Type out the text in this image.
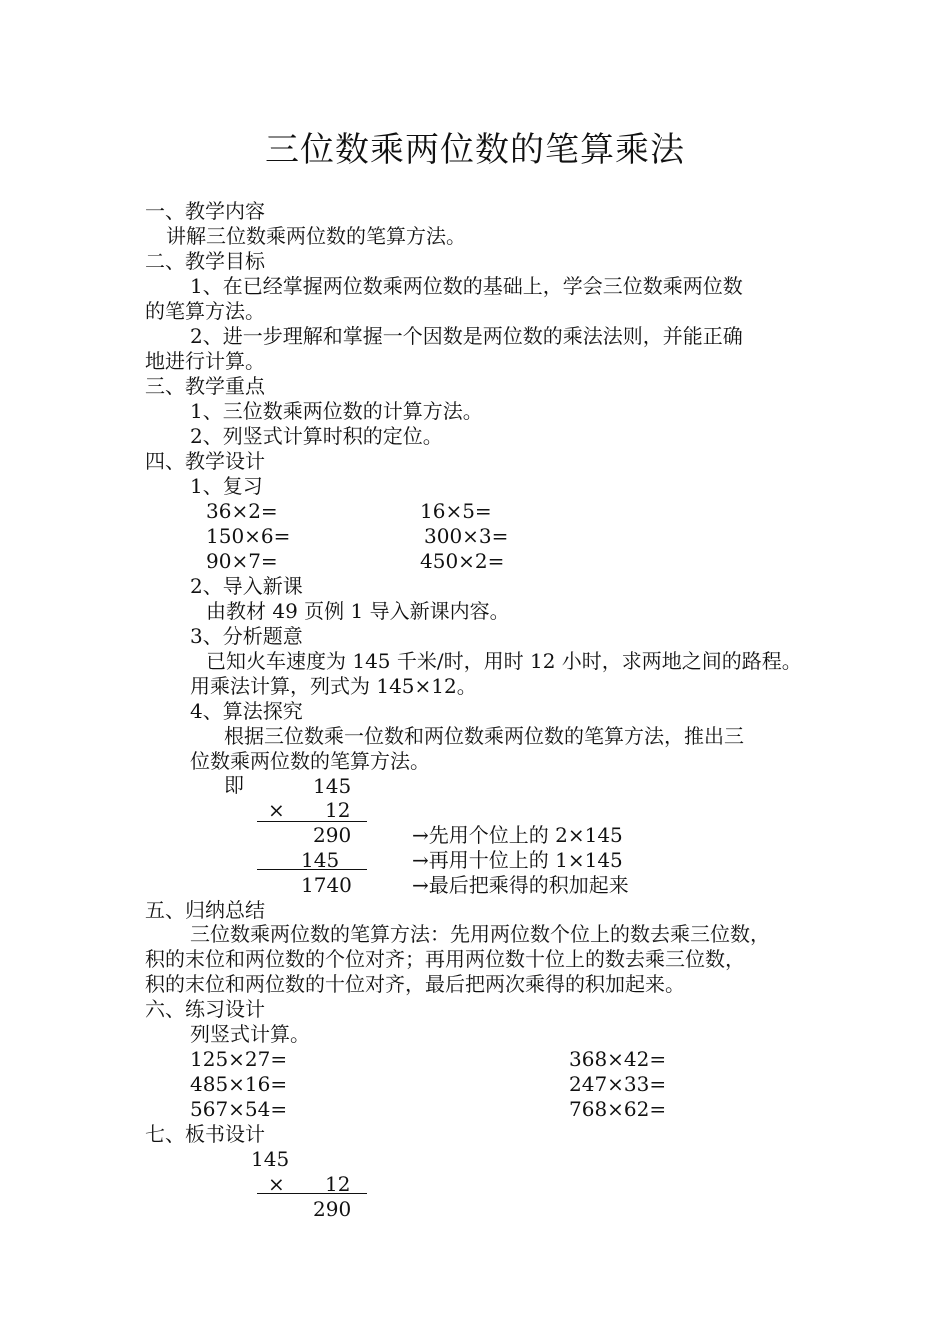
三位数乘两位数的笔算乘法
一、教学内容
讲解三位数乘两位数的笔算方法。
二、教学目标
1、在已经掌握两位数乘两位数的基础上，学会三位数乘两位数
的笔算方法。
2、进一步理解和掌握一个因数是两位数的乘法法则，并能正确
地进行计算。
三、教学重点
1、三位数乘两位数的计算方法。
2、列竖式计算时积的定位。
四、教学设计
1、复习
36×2=	16×5=
150×6=	300×3=
90×7=	450×2=
2、导入新课
由教材 49 页例 1 导入新课内容。
3、分析题意
已知火车速度为 145 千米/时，用时 12 小时，求两地之间的路程。
用乘法计算，列式为 145×12。
4、算法探究
根据三位数乘一位数和两位数乘两位数的笔算方法，推出三
位数乘两位数的笔算方法。
即	145
× 12
290	→先用个位上的 2×145
145	→再用十位上的 1×145
1740	→最后把乘得的积加起来
五、归纳总结
三位数乘两位数的笔算方法：先用两位数个位上的数去乘三位数，
积的末位和两位数的个位对齐；再用两位数十位上的数去乘三位数，
积的末位和两位数的十位对齐，最后把两次乘得的积加起来。
六、练习设计
列竖式计算。
125×27=	368×42=
485×16=	247×33=
567×54=	768×62=
七、板书设计
145
× 12
290
